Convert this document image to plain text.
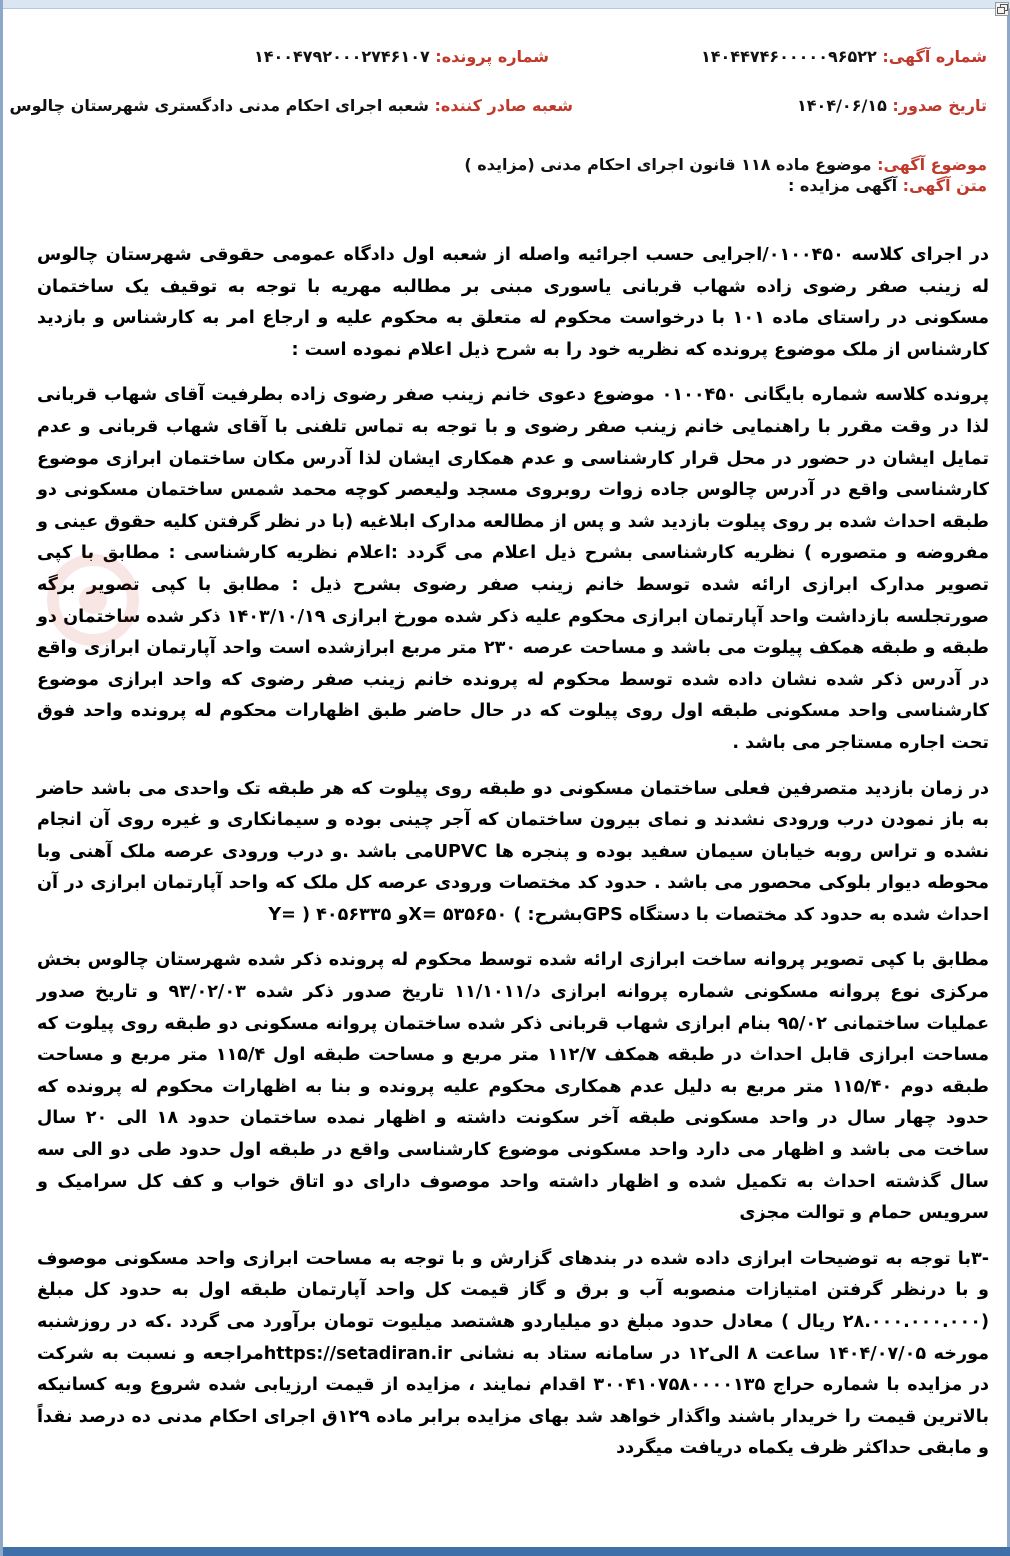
شماره آگهی: ۱۴۰۴۴۷۴۶۰۰۰۰۰۹۶۵۲۲
شماره پرونده: ۱۴۰۰۴۷۹۲۰۰۰۲۷۴۶۱۰۷
تاریخ صدور: ۱۴۰۴/۰۶/۱۵
شعبه صادر کننده: شعبه اجرای احکام مدنی دادگستری شهرستان چالوس
موضوع آگهی: موضوع ماده ۱۱۸ قانون اجرای احکام مدنی (مزایده )
متن آگهی: آگهی مزایده :

در اجرای کلاسه ۰۱۰۰۴۵۰/اجرایی حسب اجرائیه واصله از شعبه اول دادگاه عمومی حقوقی شهرستان چالوس له زینب صفر رضوی زاده شهاب قربانی یاسوری مبنی بر مطالبه مهریه با توجه به توقیف یک ساختمان مسکونی در راستای ماده ۱۰۱ با درخواست محکوم له متعلق به محکوم علیه و ارجاع امر به کارشناس و بازدید کارشناس از ملک موضوع پرونده که نظریه خود را به شرح ذیل اعلام نموده است :

پرونده کلاسه شماره بایگانی ۰۱۰۰۴۵۰ موضوع دعوی خانم زینب صفر رضوی زاده بطرفیت آقای شهاب قربانی لذا در وقت مقرر با راهنمایی خانم زینب صفر رضوی و با توجه به تماس تلفنی با آقای شهاب قربانی و عدم تمایل ایشان در حضور در محل قرار کارشناسی و عدم همکاری ایشان لذا آدرس مکان ساختمان ابرازی موضوع کارشناسی واقع در آدرس چالوس جاده زوات روبروی مسجد ولیعصر کوچه محمد شمس ساختمان مسکونی دو طبقه احداث شده بر روی پیلوت بازدید شد و پس از مطالعه مدارک ابلاغیه (با در نظر گرفتن کلیه حقوق عینی و مفروضه و متصوره ) نظریه کارشناسی بشرح ذیل اعلام می گردد :اعلام نظریه کارشناسی : مطابق با کپی تصویر مدارک ابرازی ارائه شده توسط خانم زینب صفر رضوی بشرح ذیل : مطابق با کپی تصویر برگه صورتجلسه بازداشت واحد آپارتمان ابرازی محکوم علیه ذکر شده مورخ ابرازی ۱۴۰۳/۱۰/۱۹ ذکر شده ساختمان دو طبقه و طبقه همکف پیلوت می باشد و مساحت عرصه ۲۳۰ متر مربع ابرازشده است واحد آپارتمان ابرازی واقع در آدرس ذکر شده نشان داده شده توسط محکوم له پرونده خانم زینب صفر رضوی که واحد ابرازی موضوع کارشناسی واحد مسکونی طبقه اول روی پیلوت که در حال حاضر طبق اظهارات محکوم له پرونده واحد فوق تحت اجاره مستاجر می باشد .

در زمان بازدید متصرفین فعلی ساختمان مسکونی دو طبقه روی پیلوت که هر طبقه تک واحدی می باشد حاضر به باز نمودن درب ورودی نشدند و نمای بیرون ساختمان که آجر چینی بوده و سیمانکاری و غیره روی آن انجام نشده و تراس روبه خیابان سیمان سفید بوده و پنجره ها UPVCمی باشد .و درب ورودی عرصه ملک آهنی وبا محوطه دیوار بلوکی محصور می باشد . حدود کد مختصات ورودی عرصه کل ملک که واحد آپارتمان ابرازی در آن احداث شده به حدود کد مختصات با دستگاه GPSبشرح: ) ۵۳۵۶۵۰ =Xو ۴۰۵۶۳۳۵ ( =Y

مطابق با کپی تصویر پروانه ساخت ابرازی ارائه شده توسط محکوم له پرونده ذکر شده شهرستان چالوس بخش مرکزی نوع پروانه مسکونی شماره پروانه ابرازی د/۱۱/۱۰۱۱ تاریخ صدور ذکر شده ۹۳/۰۲/۰۳ و تاریخ صدور عملیات ساختمانی ۹۵/۰۲ بنام ابرازی شهاب قربانی ذکر شده ساختمان پروانه مسکونی دو طبقه روی پیلوت که مساحت ابرازی قابل احداث در طبقه همکف ۱۱۲/۷ متر مربع و مساحت طبقه اول ۱۱۵/۴ متر مربع و مساحت طبقه دوم ۱۱۵/۴۰ متر مربع به دلیل عدم همکاری محکوم علیه پرونده و بنا به اظهارات محکوم له پرونده که حدود چهار سال در واحد مسکونی طبقه آخر سکونت داشته و اظهار نمده ساختمان حدود ۱۸ الی ۲۰ سال ساخت می باشد و اظهار می دارد واحد مسکونی موضوع کارشناسی واقع در طبقه اول حدود طی دو الی سه سال گذشته احداث به تکمیل شده و اظهار داشته واحد موصوف دارای دو اتاق خواب و کف کل سرامیک و سرویس حمام و توالت مجزی

-۳با توجه به توضیحات ابرازی داده شده در بندهای گزارش و با توجه به مساحت ابرازی واحد مسکونی موصوف و با درنظر گرفتن امتیازات منصوبه آب و برق و گاز قیمت کل واحد آپارتمان طبقه اول به حدود کل مبلغ (۲۸.۰۰۰.۰۰۰.۰۰۰ ریال ) معادل حدود مبلغ دو میلیاردو هشتصد میلیوت تومان برآورد می گردد .که در روزشنبه مورخه ۱۴۰۴/۰۷/۰۵ ساعت ۸ الی۱۲ در سامانه ستاد به نشانی https://setadiran.irمراجعه و نسبت به شرکت در مزایده با شماره حراج ۳۰۰۴۱۰۷۵۸۰۰۰۰۱۳۵ اقدام نمایند ، مزایده از قیمت ارزیابی شده شروع وبه کسانیکه بالاترین قیمت را خریدار باشند واگذار خواهد شد بهای مزایده برابر ماده ۱۲۹ق اجرای احکام مدنی ده درصد نقداً و مابقی حداکثر ظرف یکماه دریافت میگردد
